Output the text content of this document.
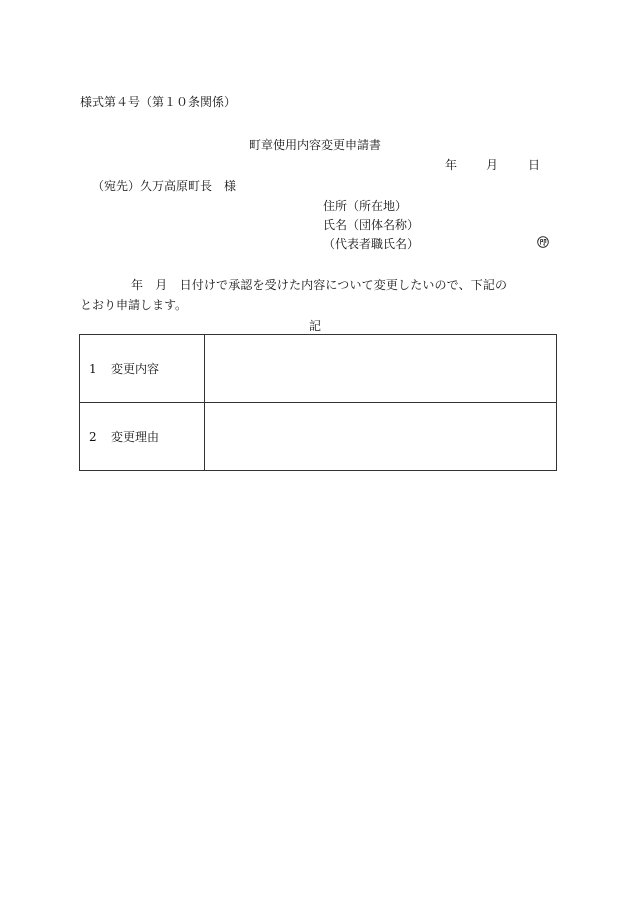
様式第４号（第１０条関係）
町章使用内容変更申請書
年 月 日
（宛先）久万高原町長　様
住所（所在地）
氏名（団体名称）
（代表者職氏名）
年　月　日付けで承認を受けた内容について変更したいので、下記の
とおり申請します。
記
1 変更内容	
2 変更理由	
